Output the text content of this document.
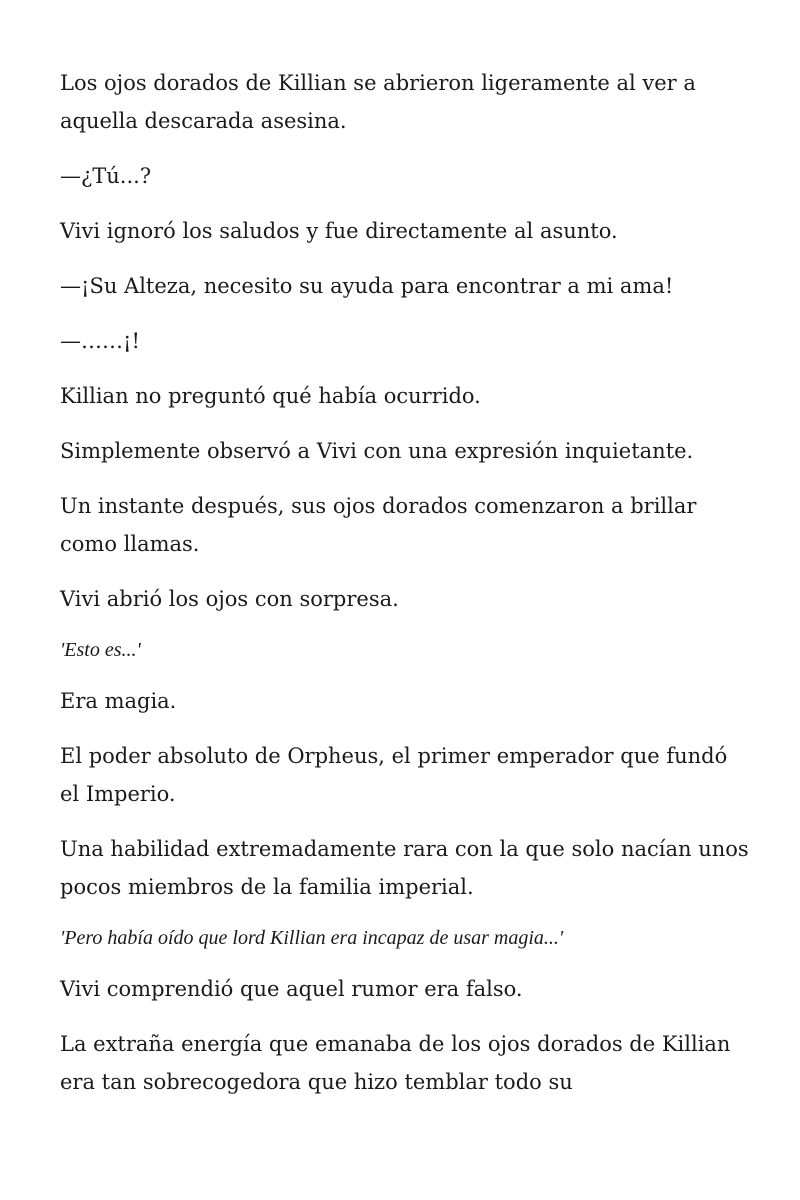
Los ojos dorados de Killian se abrieron ligeramente al ver a aquella descarada asesina.

—¿Tú...?

Vivi ignoró los saludos y fue directamente al asunto.

—¡Su Alteza, necesito su ayuda para encontrar a mi ama!

—……¡!

Killian no preguntó qué había ocurrido.

Simplemente observó a Vivi con una expresión inquietante.

Un instante después, sus ojos dorados comenzaron a brillar como llamas.

Vivi abrió los ojos con sorpresa.

'Esto es...'

Era magia.

El poder absoluto de Orpheus, el primer emperador que fundó el Imperio.

Una habilidad extremadamente rara con la que solo nacían unos pocos miembros de la familia imperial.

'Pero había oído que lord Killian era incapaz de usar magia...'

Vivi comprendió que aquel rumor era falso.

La extraña energía que emanaba de los ojos dorados de Killian era tan sobrecogedora que hizo temblar todo su
